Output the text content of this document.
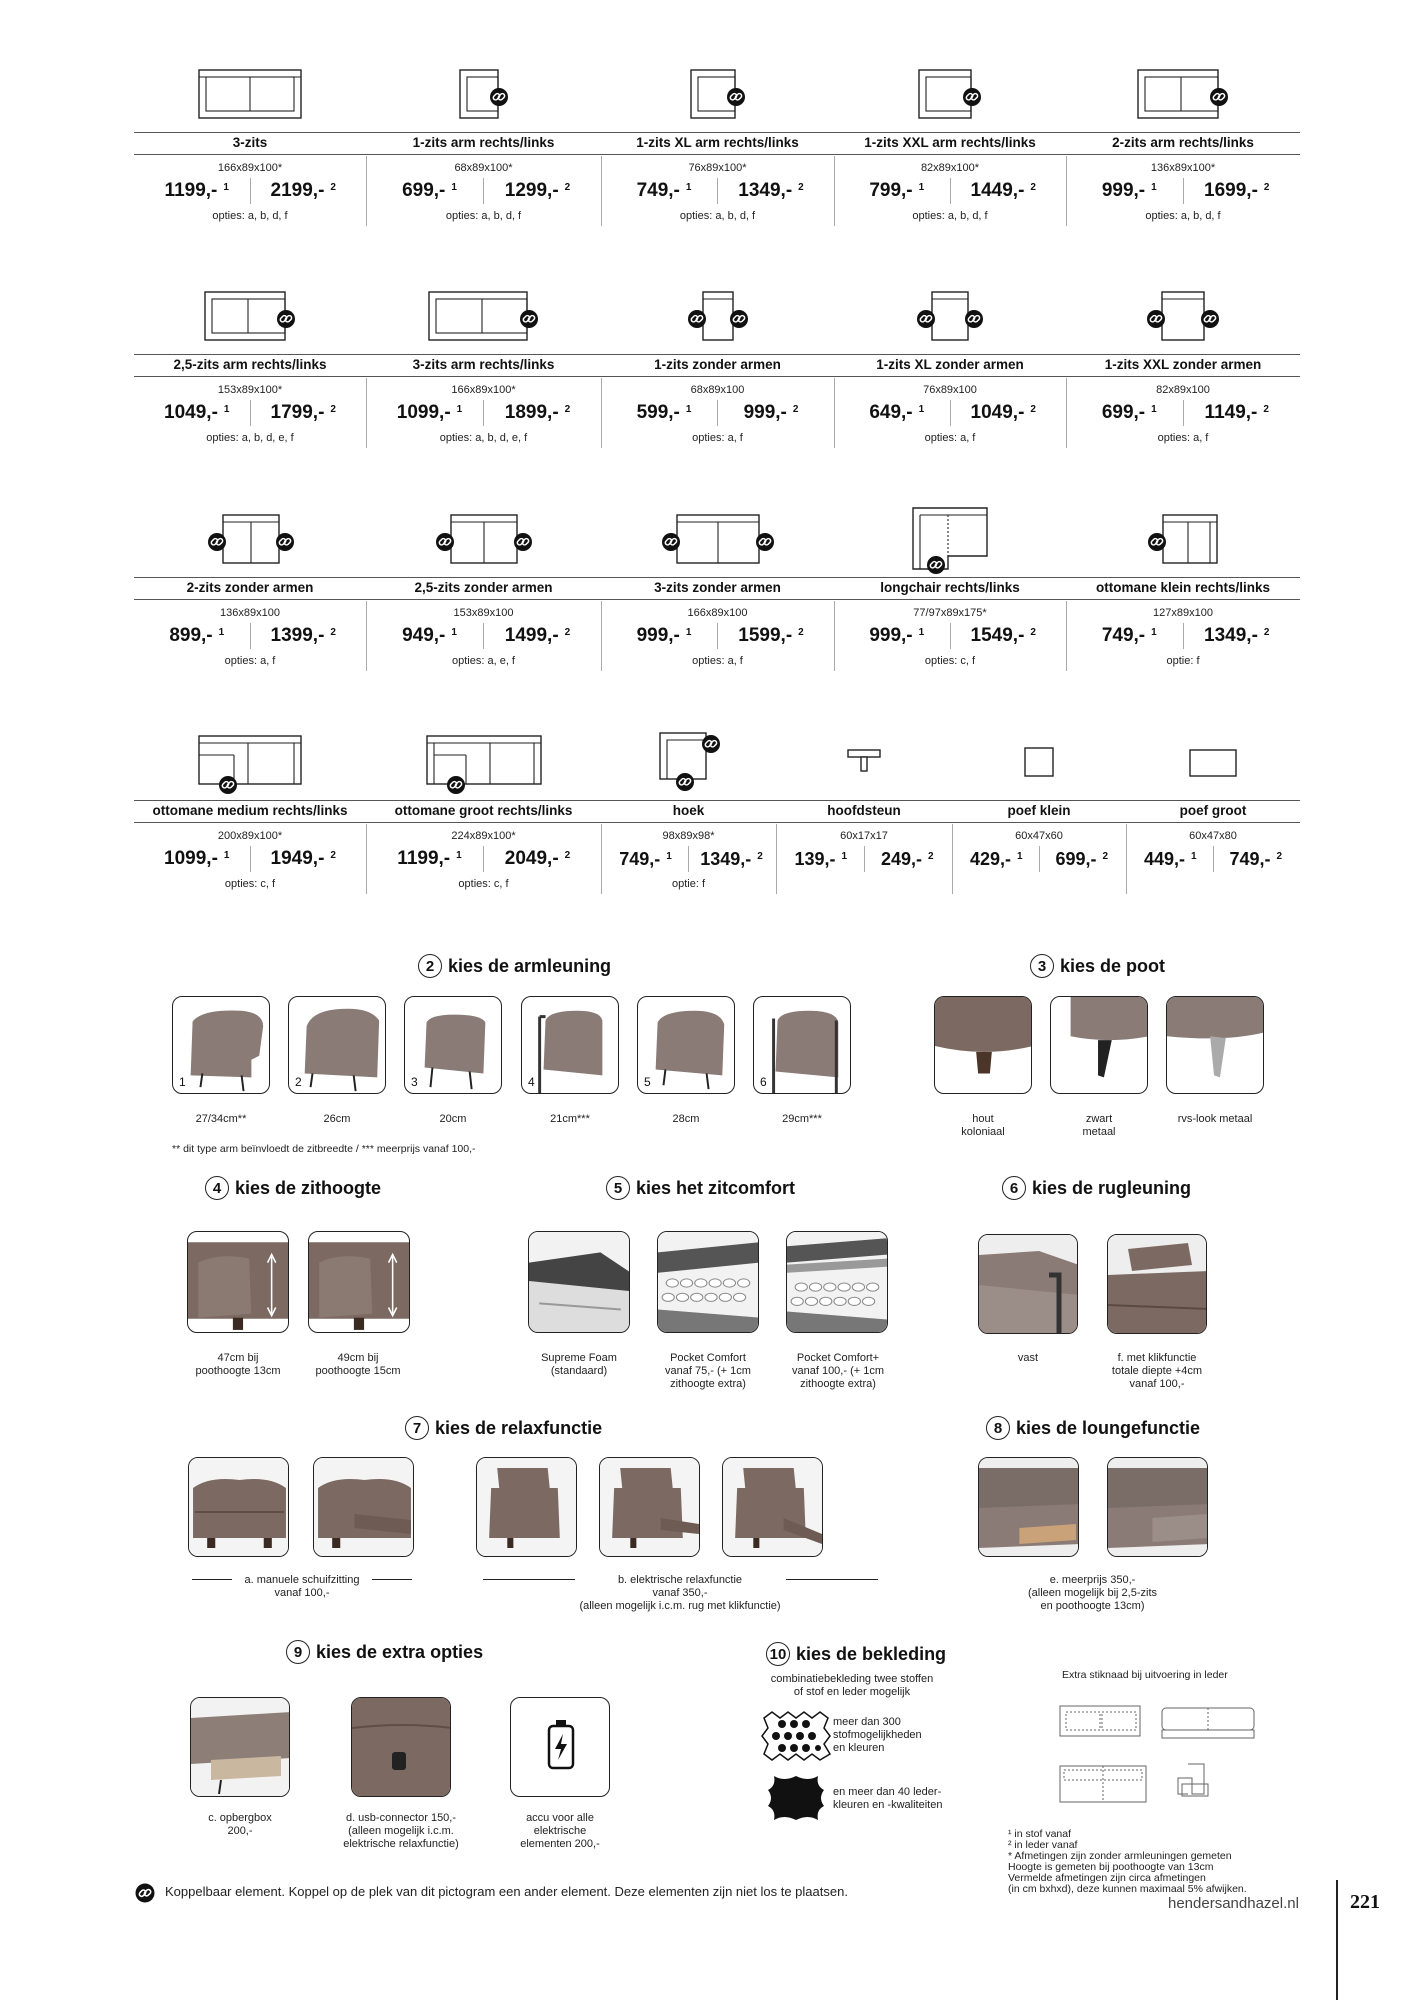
3-zits
166x89x100*
1199,- $^1$	2199,- $^2$
opties: a, b, d, f
1-zits arm rechts/links
68x89x100*
699,- $^1$	1299,- $^2$
opties: a, b, d, f
1-zits XL arm rechts/links
76x89x100*
749,- $^1$	1349,- $^2$
opties: a, b, d, f
1-zits XXL arm rechts/links
82x89x100*
799,- $^1$	1449,- $^2$
opties: a, b, d, f
2-zits arm rechts/links
136x89x100*
999,- $^1$	1699,- $^2$
opties: a, b, d, f
2,5-zits arm rechts/links
153x89x100*
1049,- $^1$	1799,- $^2$
opties: a, b, d, e, f
3-zits arm rechts/links
166x89x100*
1099,- $^1$	1899,- $^2$
opties: a, b, d, e, f
1-zits zonder armen
68x89x100
599,- $^1$	999,- $^2$
opties: a, f
1-zits XL zonder armen
76x89x100
649,- $^1$	1049,- $^2$
opties: a, f
1-zits XXL zonder armen
82x89x100
699,- $^1$	1149,- $^2$
opties: a, f
2-zits zonder armen
136x89x100
899,- $^1$	1399,- $^2$
opties: a, f
2,5-zits zonder armen
153x89x100
949,- $^1$	1499,- $^2$
opties: a, e, f
3-zits zonder armen
166x89x100
999,- $^1$	1599,- $^2$
opties: a, f
longchair rechts/links
77/97x89x175*
999,- $^1$	1549,- $^2$
opties: c, f
ottomane klein rechts/links
127x89x100
749,- $^1$	1349,- $^2$
optie: f
ottomane medium rechts/links
200x89x100*
1099,- $^1$	1949,- $^2$
opties: c, f
ottomane groot rechts/links
224x89x100*
1199,- $^1$	2049,- $^2$
opties: c, f
hoek
98x89x98*
749,- $^1$	1349,- $^2$
optie: f
hoofdsteun
60x17x17
139,- $^1$	249,- $^2$
poef klein
60x47x60
429,- $^1$	699,- $^2$
poef groot
60x47x80
449,- $^1$	749,- $^2$
2 kies de armleuning
1
27/34cm**
2
26cm
3
20cm
4
21cm***
5
28cm
6
29cm***
** dit type arm beïnvloedt de zitbreedte / *** meerprijs vanaf 100,-
3 kies de poot
hout
koloniaal
zwart
metaal
rvs-look metaal
4 kies de zithoogte	5 kies het zitcomfort	6 kies de rugleuning
47cm bij
poothoogte 13cm
49cm bij
poothoogte 15cm
Supreme Foam
(standaard)
Pocket Comfort
vanaf 75,- (+ 1cm
zithoogte extra)
Pocket Comfort+
vanaf 100,- (+ 1cm
zithoogte extra)
vast	f. met klikfunctie
totale diepte +4cm
vanaf 100,-
7 kies de relaxfunctie	8 kies de loungefunctie
a. manuele schuifzitting
vanaf 100,-
b. elektrische relaxfunctie
vanaf 350,-
(alleen mogelijk i.c.m. rug met klikfunctie)
e. meerprijs 350,-
(alleen mogelijk bij 2,5-zits
en poothoogte 13cm)
9 kies de extra opties
c. opbergbox
200,-
d. usb-connector 150,-
(alleen mogelijk i.c.m.
elektrische relaxfunctie)
accu voor alle
elektrische
elementen 200,-
10 kies de bekleding
combinatiebekleding twee stoffen
of stof en leder mogelijk
meer dan 300
stofmogelijkheden
en kleuren
en meer dan 40 leder-
kleuren en -kwaliteiten
Extra stiknaad bij uitvoering in leder
¹ in stof vanaf
² in leder vanaf
* Afmetingen zijn zonder armleuningen gemeten
Hoogte is gemeten bij poothoogte van 13cm
Vermelde afmetingen zijn circa afmetingen
(in cm bxhxd), deze kunnen maximaal 5% afwijken.
Koppelbaar element. Koppel op de plek van dit pictogram een ander element. Deze elementen zijn niet los te plaatsen.
hendersandhazel.nl	221
